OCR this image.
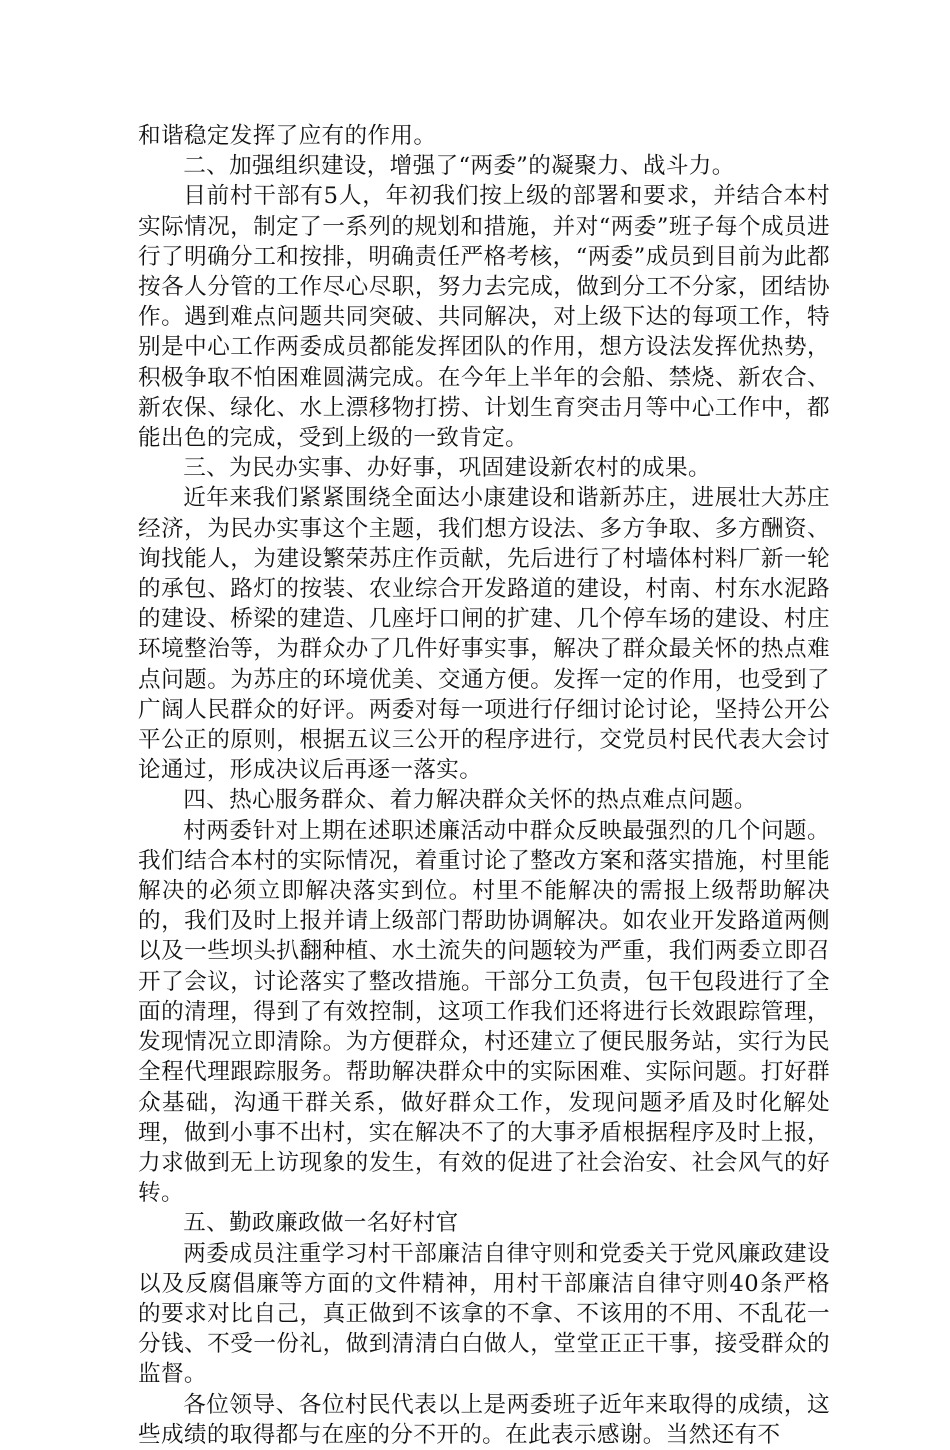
和谐稳定发挥了应有的作用。

二、加强组织建设，增强了“两委”的凝聚力、战斗力。

目前村干部有5人，年初我们按上级的部署和要求，并结合本村实际情况，制定了一系列的规划和措施，并对“两委”班子每个成员进行了明确分工和按排，明确责任严格考核，“两委”成员到目前为此都按各人分管的工作尽心尽职，努力去完成，做到分工不分家，团结协作。遇到难点问题共同突破、共同解决，对上级下达的每项工作，特别是中心工作两委成员都能发挥团队的作用，想方设法发挥优热势，积极争取不怕困难圆满完成。在今年上半年的会船、禁烧、新农合、新农保、绿化、水上漂移物打捞、计划生育突击月等中心工作中，都能出色的完成，受到上级的一致肯定。

三、为民办实事、办好事，巩固建设新农村的成果。

近年来我们紧紧围绕全面达小康建设和谐新苏庄，进展壮大苏庄经济，为民办实事这个主题，我们想方设法、多方争取、多方酬资、询找能人，为建设繁荣苏庄作贡献，先后进行了村墙体村料厂新一轮的承包、路灯的按装、农业综合开发路道的建设，村南、村东水泥路的建设、桥梁的建造、几座圩口闸的扩建、几个停车场的建设、村庄环境整治等，为群众办了几件好事实事，解决了群众最关怀的热点难点问题。为苏庄的环境优美、交通方便。发挥一定的作用，也受到了广阔人民群众的好评。两委对每一项进行仔细讨论讨论，坚持公开公平公正的原则，根据五议三公开的程序进行，交党员村民代表大会讨论通过，形成决议后再逐一落实。

四、热心服务群众、着力解决群众关怀的热点难点问题。

村两委针对上期在述职述廉活动中群众反映最强烈的几个问题。我们结合本村的实际情况，着重讨论了整改方案和落实措施，村里能解决的必须立即解决落实到位。村里不能解决的需报上级帮助解决的，我们及时上报并请上级部门帮助协调解决。如农业开发路道两侧以及一些坝头扒翻种植、水土流失的问题较为严重，我们两委立即召开了会议，讨论落实了整改措施。干部分工负责，包干包段进行了全面的清理，得到了有效控制，这项工作我们还将进行长效跟踪管理，发现情况立即清除。为方便群众，村还建立了便民服务站，实行为民全程代理跟踪服务。帮助解决群众中的实际困难、实际问题。打好群众基础，沟通干群关系，做好群众工作，发现问题矛盾及时化解处理，做到小事不出村，实在解决不了的大事矛盾根据程序及时上报，力求做到无上访现象的发生，有效的促进了社会治安、社会风气的好转。

五、勤政廉政做一名好村官

两委成员注重学习村干部廉洁自律守则和党委关于党风廉政建设以及反腐倡廉等方面的文件精神，用村干部廉洁自律守则40条严格的要求对比自己，真正做到不该拿的不拿、不该用的不用、不乱花一分钱、不受一份礼，做到清清白白做人，堂堂正正干事，接受群众的监督。

各位领导、各位村民代表以上是两委班子近年来取得的成绩，这些成绩的取得都与在座的分不开的。在此表示感谢。当然还有不
